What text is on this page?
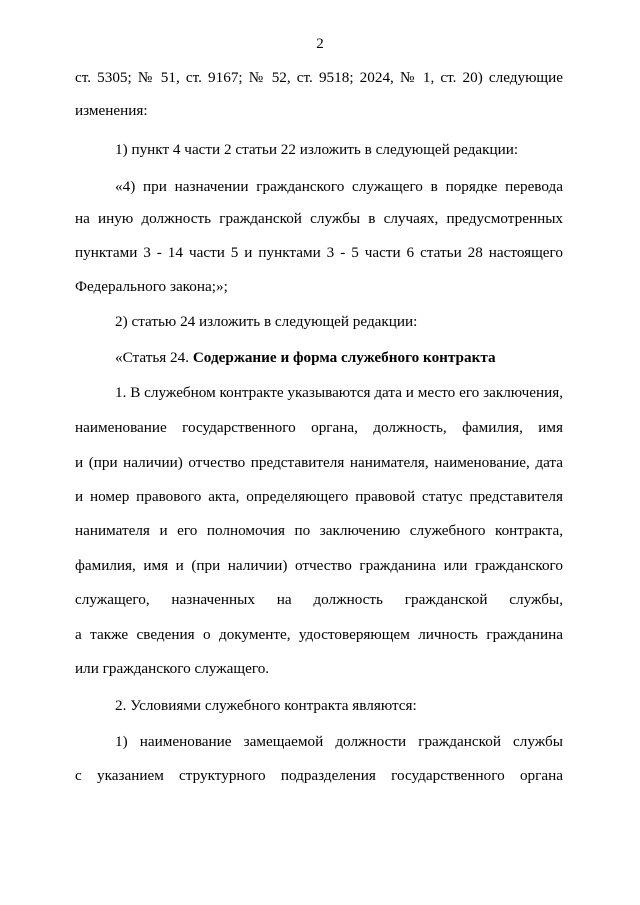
2
ст. 5305; № 51, ст. 9167; № 52, ст. 9518; 2024, № 1, ст. 20) следующие
изменения:
1) пункт 4 части 2 статьи 22 изложить в следующей редакции:
«4) при назначении гражданского служащего в порядке перевода
на иную должность гражданской службы в случаях, предусмотренных
пунктами 3 - 14 части 5 и пунктами 3 - 5 части 6 статьи 28 настоящего
Федерального закона;»;
2) статью 24 изложить в следующей редакции:
«Статья 24. Содержание и форма служебного контракта
1. В служебном контракте указываются дата и место его заключения,
наименование государственного органа, должность, фамилия, имя
и (при наличии) отчество представителя нанимателя, наименование, дата
и номер правового акта, определяющего правовой статус представителя
нанимателя и его полномочия по заключению служебного контракта,
фамилия, имя и (при наличии) отчество гражданина или гражданского
служащего, назначенных на должность гражданской службы,
а также сведения о документе, удостоверяющем личность гражданина
или гражданского служащего.
2. Условиями служебного контракта являются:
1) наименование замещаемой должности гражданской службы
с указанием структурного подразделения государственного органа
